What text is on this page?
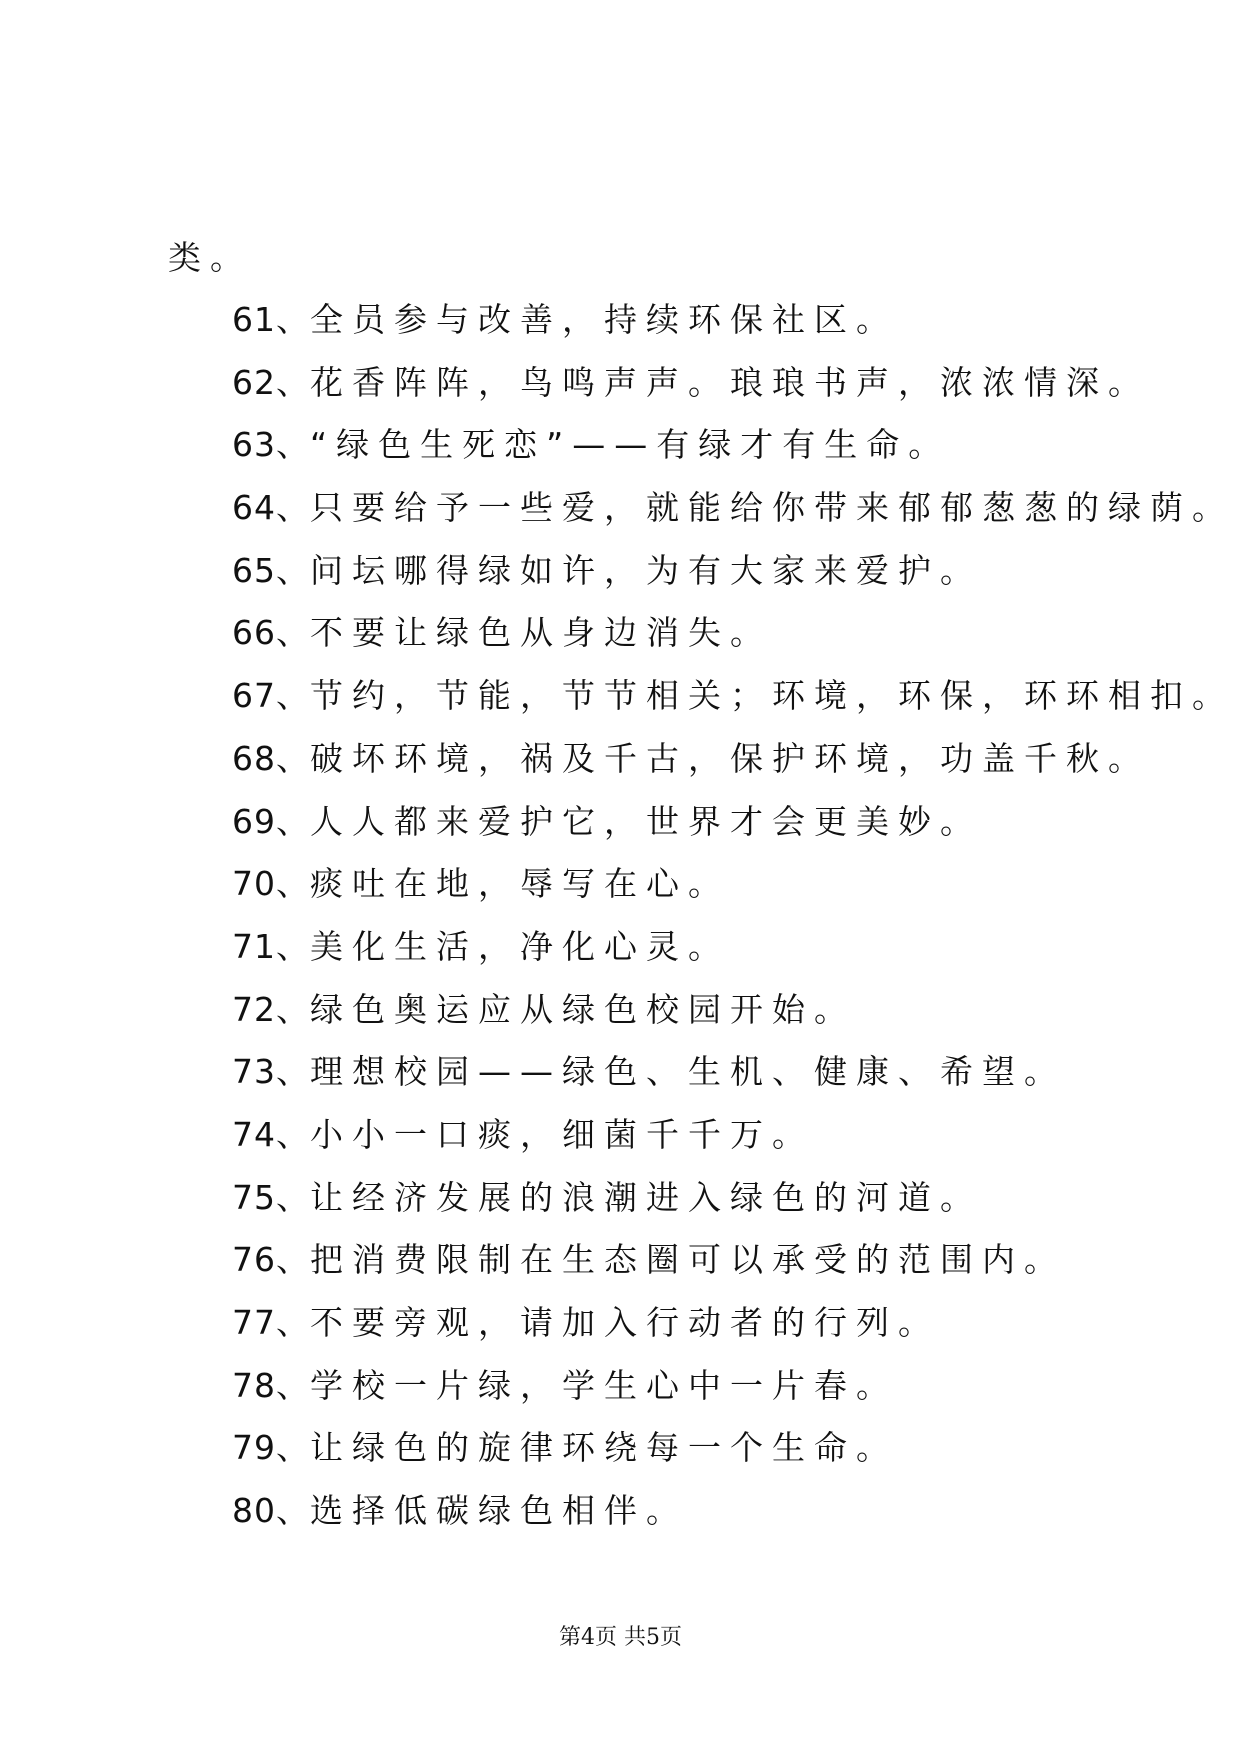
类。
61、全员参与改善，持续环保社区。
62、花香阵阵，鸟鸣声声。琅琅书声，浓浓情深。
63、“绿色生死恋”——有绿才有生命。
64、只要给予一些爱，就能给你带来郁郁葱葱的绿荫。
65、问坛哪得绿如许，为有大家来爱护。
66、不要让绿色从身边消失。
67、节约，节能，节节相关；环境，环保，环环相扣。
68、破坏环境，祸及千古，保护环境，功盖千秋。
69、人人都来爱护它，世界才会更美妙。
70、痰吐在地，辱写在心。
71、美化生活，净化心灵。
72、绿色奥运应从绿色校园开始。
73、理想校园——绿色、生机、健康、希望。
74、小小一口痰，细菌千千万。
75、让经济发展的浪潮进入绿色的河道。
76、把消费限制在生态圈可以承受的范围内。
77、不要旁观，请加入行动者的行列。
78、学校一片绿，学生心中一片春。
79、让绿色的旋律环绕每一个生命。
80、选择低碳绿色相伴。
第4页 共5页
